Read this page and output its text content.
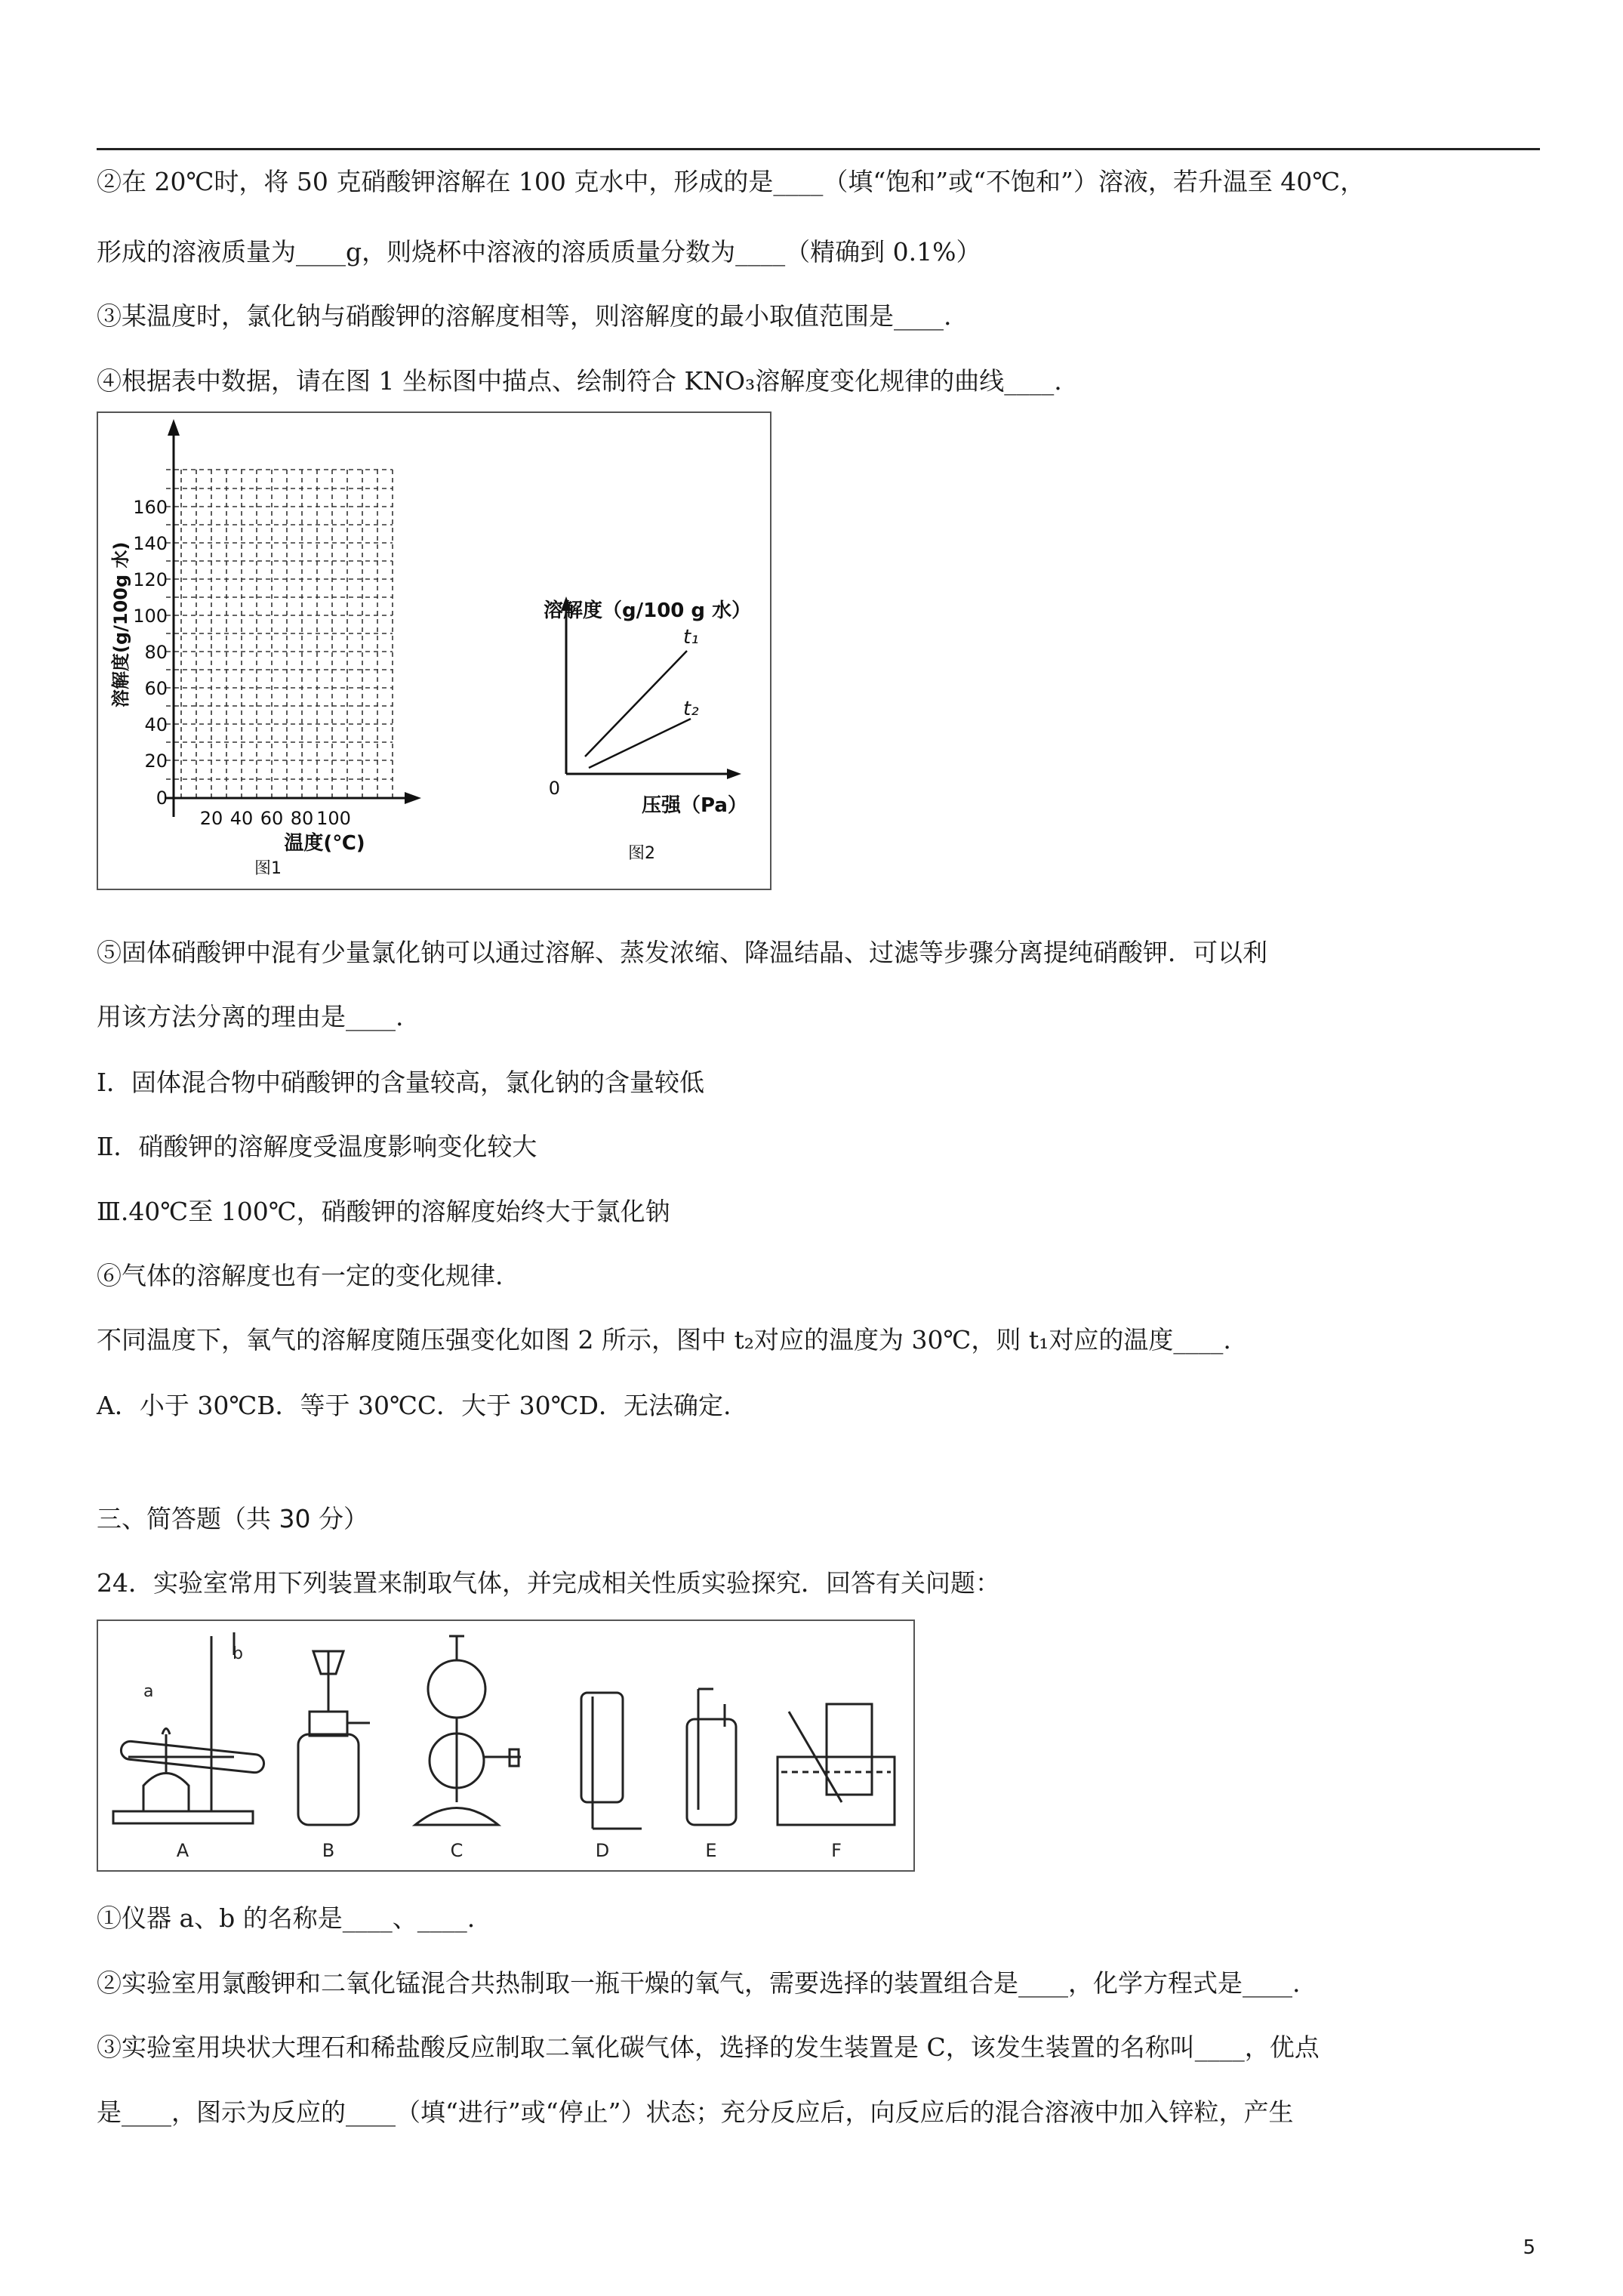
②在 20℃时，将 50 克硝酸钾溶解在 100 克水中，形成的是____（填“饱和”或“不饱和”）溶液，若升温至 40℃，
形成的溶液质量为____g，则烧杯中溶液的溶质质量分数为____（精确到 0.1%）
③某温度时，氯化钠与硝酸钾的溶解度相等，则溶解度的最小取值范围是____.
④根据表中数据，请在图 1 坐标图中描点、绘制符合 KNO₃溶解度变化规律的曲线____.
0
20
40
60
80
100
120
140
160
20 40 60 80 100
溶解度(g/100g 水)
温度(℃)
图1
溶解度（g/100 g 水）
压强（Pa）
0
t₁
t₂
图2
⑤固体硝酸钾中混有少量氯化钠可以通过溶解、蒸发浓缩、降温结晶、过滤等步骤分离提纯硝酸钾．可以利
用该方法分离的理由是____.
Ⅰ．固体混合物中硝酸钾的含量较高，氯化钠的含量较低
Ⅱ．硝酸钾的溶解度受温度影响变化较大
Ⅲ.40℃至 100℃，硝酸钾的溶解度始终大于氯化钠
⑥气体的溶解度也有一定的变化规律.
不同温度下，氧气的溶解度随压强变化如图 2 所示，图中 t₂对应的温度为 30℃，则 t₁对应的温度____.
A．小于 30℃B．等于 30℃C．大于 30℃D．无法确定.
三、简答题（共 30 分）
24．实验室常用下列装置来制取气体，并完成相关性质实验探究．回答有关问题：
a
b
A	B	C	D	E	F
①仪器 a、b 的名称是____、____.
②实验室用氯酸钾和二氧化锰混合共热制取一瓶干燥的氧气，需要选择的装置组合是____，化学方程式是____.
③实验室用块状大理石和稀盐酸反应制取二氧化碳气体，选择的发生装置是 C，该发生装置的名称叫____，优点
是____，图示为反应的____（填“进行”或“停止”）状态；充分反应后，向反应后的混合溶液中加入锌粒，产生
5
